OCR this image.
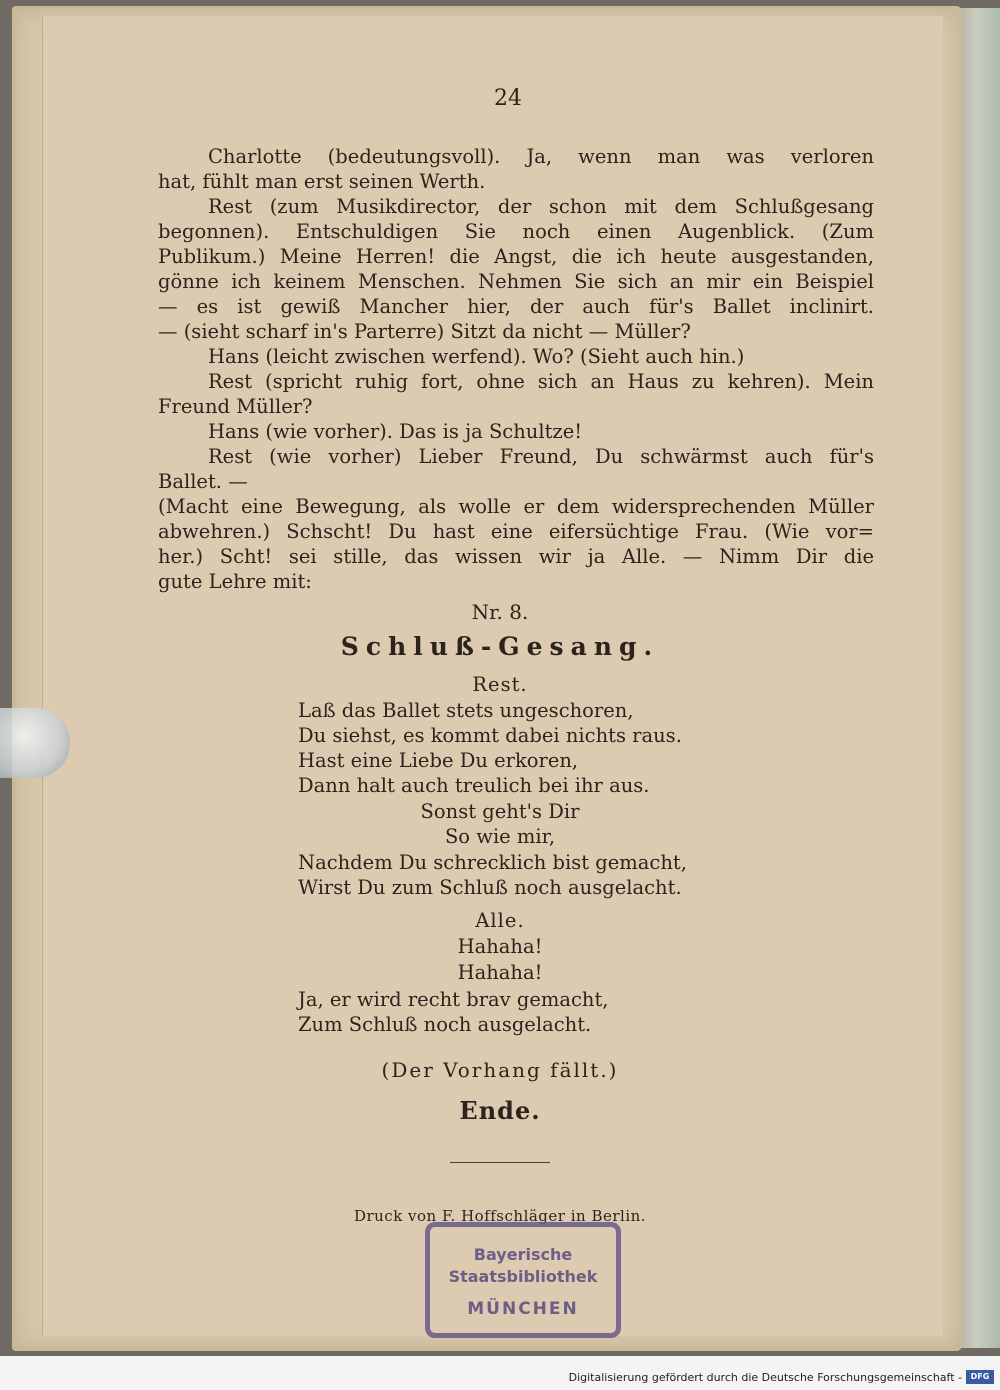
24
Charlotte (bedeutungsvoll). Ja, wenn man was verloren
hat, fühlt man erst seinen Werth.
Rest (zum Musikdirector, der schon mit dem Schlußgesang
begonnen). Entschuldigen Sie noch einen Augenblick. (Zum
Publikum.) Meine Herren! die Angst, die ich heute ausgestanden,
gönne ich keinem Menschen. Nehmen Sie sich an mir ein Beispiel
— es ist gewiß Mancher hier, der auch für's Ballet inclinirt.
— (sieht scharf in's Parterre) Sitzt da nicht — Müller?
Hans (leicht zwischen werfend). Wo? (Sieht auch hin.)
Rest (spricht ruhig fort, ohne sich an Haus zu kehren). Mein
Freund Müller?
Hans (wie vorher). Das is ja Schultze!
Rest (wie vorher) Lieber Freund, Du schwärmst auch für's
Ballet. —
(Macht eine Bewegung, als wolle er dem widersprechenden Müller
abwehren.) Schscht! Du hast eine eifersüchtige Frau. (Wie vor=
her.) Scht! sei stille, das wissen wir ja Alle. — Nimm Dir die
gute Lehre mit:
Nr. 8.
Schluß-Gesang.
Rest.
Laß das Ballet stets ungeschoren,
Du siehst, es kommt dabei nichts raus.
Hast eine Liebe Du erkoren,
Dann halt auch treulich bei ihr aus.
Sonst geht's Dir
So wie mir,
Nachdem Du schrecklich bist gemacht,
Wirst Du zum Schluß noch ausgelacht.
Alle.
Hahaha!
Hahaha!
Ja, er wird recht brav gemacht,
Zum Schluß noch ausgelacht.
(Der Vorhang fällt.)
Ende.
Druck von F. Hoffschläger in Berlin.
Bayerische
Staatsbibliothek
MÜNCHEN
Digitalisierung gefördert durch die Deutsche Forschungsgemeinschaft -	DFG
